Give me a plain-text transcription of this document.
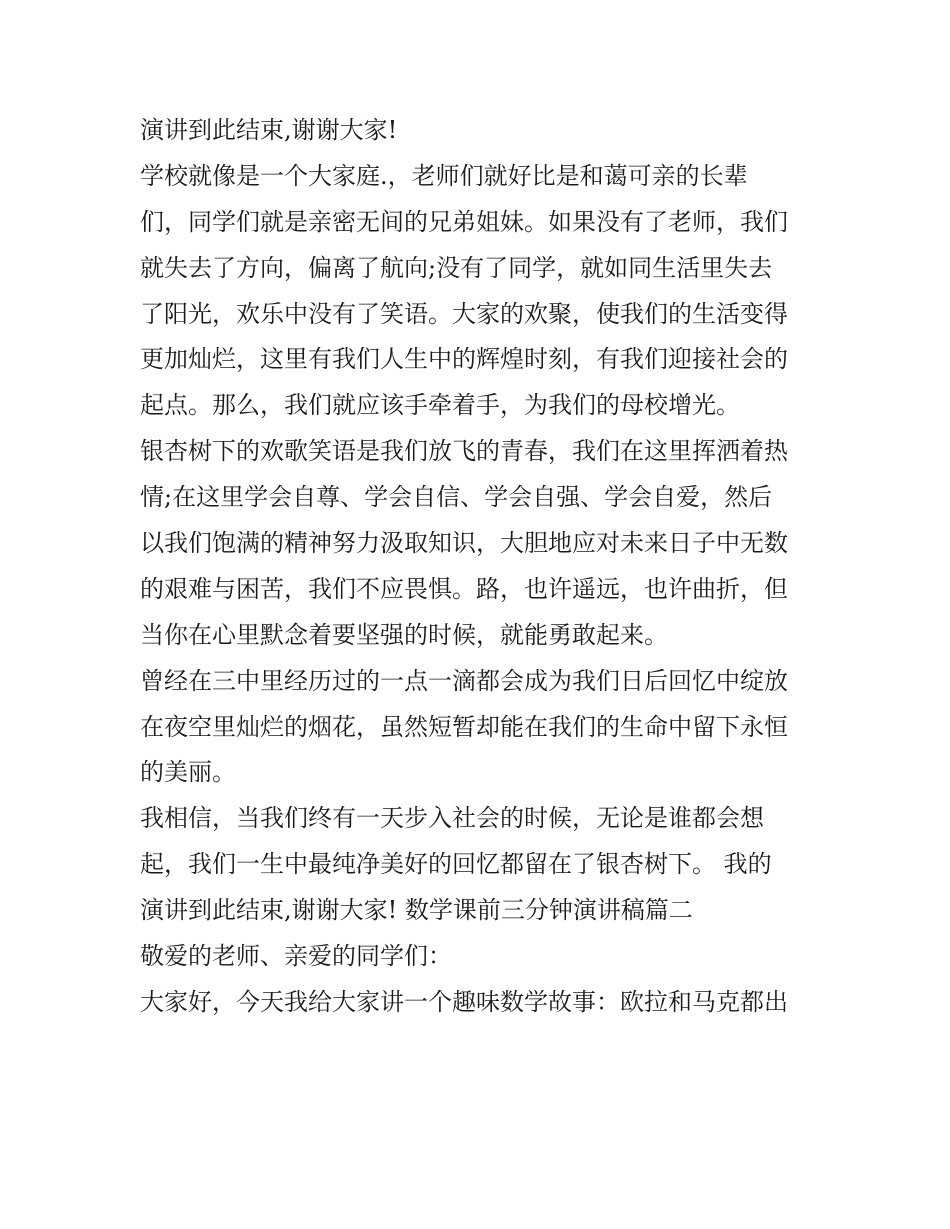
演讲到此结束,谢谢大家!
学校就像是一个大家庭.，老师们就好比是和蔼可亲的长辈
们，同学们就是亲密无间的兄弟姐妹。如果没有了老师，我们
就失去了方向，偏离了航向;没有了同学，就如同生活里失去
了阳光，欢乐中没有了笑语。大家的欢聚，使我们的生活变得
更加灿烂，这里有我们人生中的辉煌时刻，有我们迎接社会的
起点。那么，我们就应该手牵着手，为我们的母校增光。
银杏树下的欢歌笑语是我们放飞的青春，我们在这里挥洒着热
情;在这里学会自尊、学会自信、学会自强、学会自爱，然后
以我们饱满的精神努力汲取知识，大胆地应对未来日子中无数
的艰难与困苦，我们不应畏惧。路，也许遥远，也许曲折，但
当你在心里默念着要坚强的时候，就能勇敢起来。
曾经在三中里经历过的一点一滴都会成为我们日后回忆中绽放
在夜空里灿烂的烟花，虽然短暂却能在我们的生命中留下永恒
的美丽。
我相信，当我们终有一天步入社会的时候，无论是谁都会想
起，我们一生中最纯净美好的回忆都留在了银杏树下。 我的
演讲到此结束,谢谢大家! 数学课前三分钟演讲稿篇二
敬爱的老师、亲爱的同学们：
大家好，今天我给大家讲一个趣味数学故事：欧拉和马克都出
